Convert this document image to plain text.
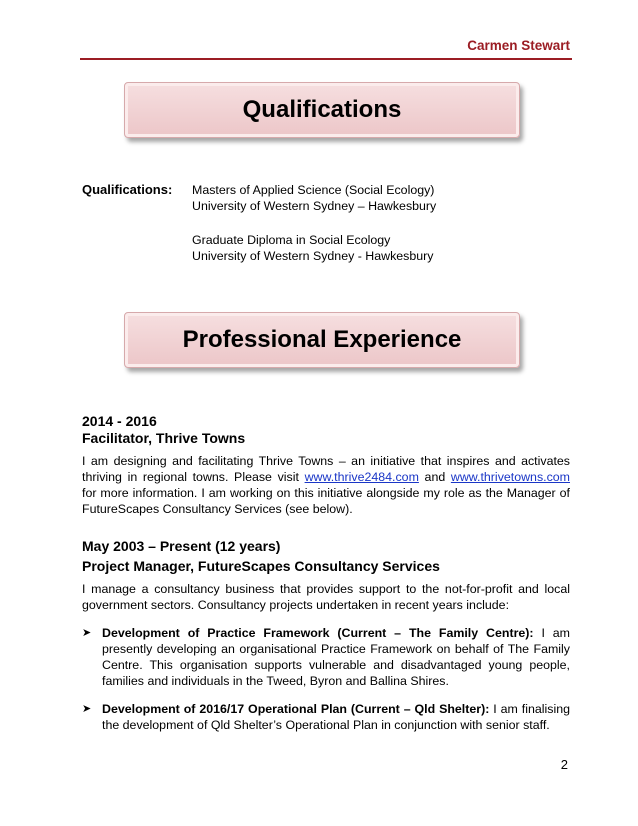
Carmen Stewart
Qualifications
Qualifications: Masters of Applied Science (Social Ecology)
University of Western Sydney – Hawkesbury
Graduate Diploma in Social Ecology
University of Western Sydney - Hawkesbury
Professional Experience
2014 - 2016
Facilitator, Thrive Towns
I am designing and facilitating Thrive Towns – an initiative that inspires and activates thriving in regional towns. Please visit www.thrive2484.com and www.thrivetowns.com for more information. I am working on this initiative alongside my role as the Manager of FutureScapes Consultancy Services (see below).
May 2003 – Present (12 years)
Project Manager, FutureScapes Consultancy Services
I manage a consultancy business that provides support to the not-for-profit and local government sectors. Consultancy projects undertaken in recent years include:
➤ Development of Practice Framework (Current – The Family Centre): I am presently developing an organisational Practice Framework on behalf of The Family Centre. This organisation supports vulnerable and disadvantaged young people, families and individuals in the Tweed, Byron and Ballina Shires.
➤ Development of 2016/17 Operational Plan (Current – Qld Shelter): I am finalising the development of Qld Shelter’s Operational Plan in conjunction with senior staff.
2
